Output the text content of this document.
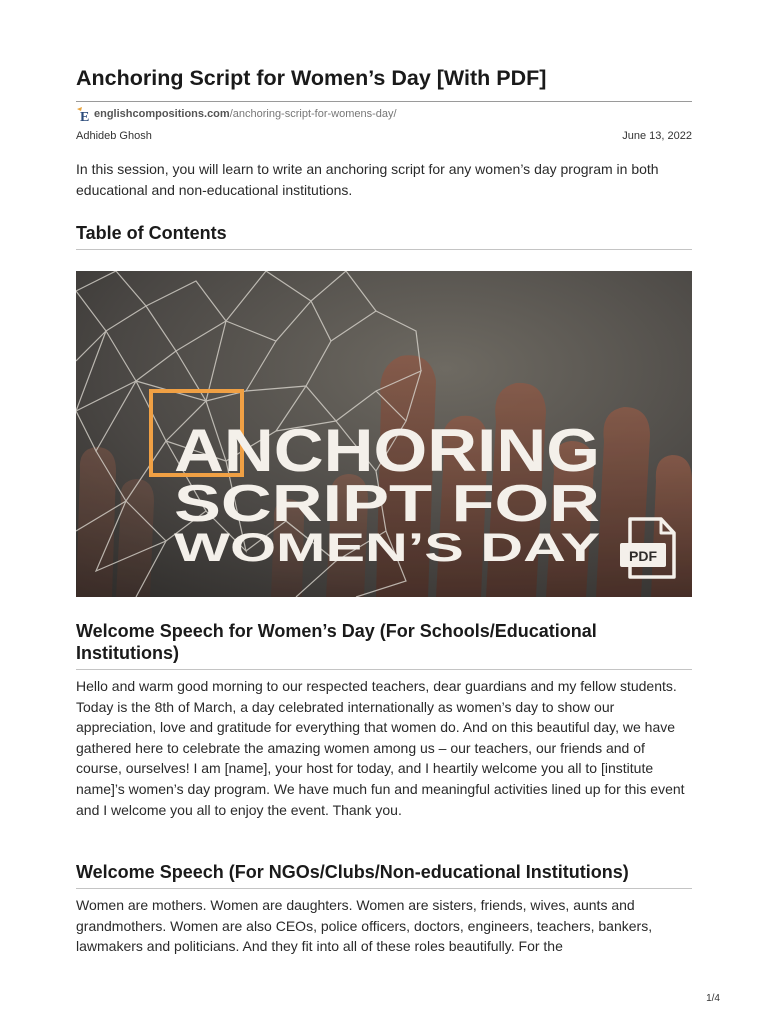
Anchoring Script for Women’s Day [With PDF]
E englishcompositions.com /anchoring-script-for-womens-day/
Adhideb Ghosh	June 13, 2022

In this session, you will learn to write an anchoring script for any women’s day program in both educational and non-educational institutions.

Table of Contents
ANCHORING
SCRIPT FOR
WOMEN’S DAY PDF
Welcome Speech for Women’s Day (For Schools/Educational Institutions)

Hello and warm good morning to our respected teachers, dear guardians and my fellow students. Today is the 8th of March, a day celebrated internationally as women’s day to show our appreciation, love and gratitude for everything that women do. And on this beautiful day, we have gathered here to celebrate the amazing women among us – our teachers, our friends and of course, ourselves! I am [name], your host for today, and I heartily welcome you all to [institute name]’s women’s day program. We have much fun and meaningful activities lined up for this event and I welcome you all to enjoy the event. Thank you.

Welcome Speech (For NGOs/Clubs/Non-educational Institutions)

Women are mothers. Women are daughters. Women are sisters, friends, wives, aunts and grandmothers. Women are also CEOs, police officers, doctors, engineers, teachers, bankers, lawmakers and politicians. And they fit into all of these roles beautifully. For the

1/4
